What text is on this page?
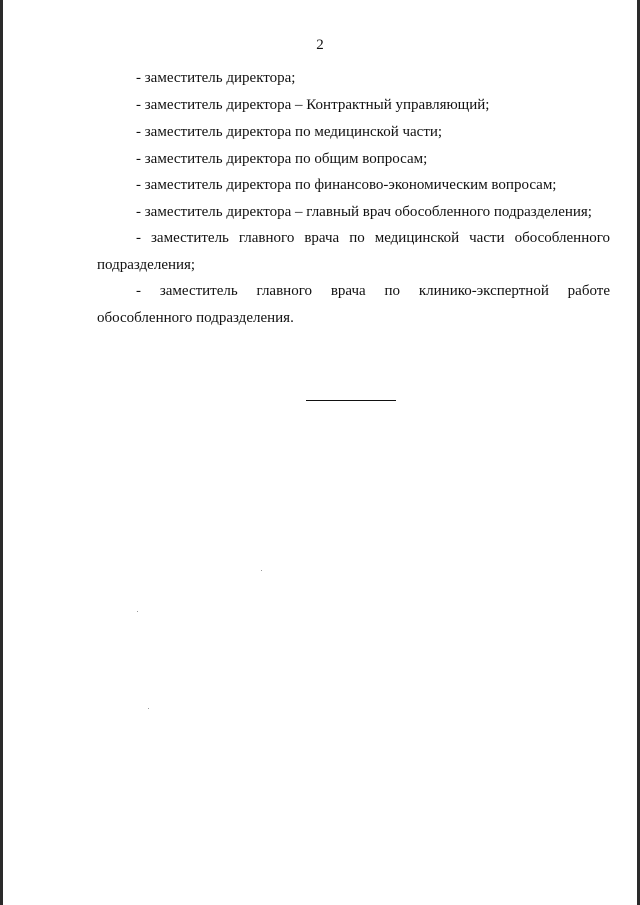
2
- заместитель директора;
- заместитель директора – Контрактный управляющий;
- заместитель директора по медицинской части;
- заместитель директора по общим вопросам;
- заместитель директора по финансово-экономическим вопросам;
- заместитель директора – главный врач обособленного подразделения;
- заместитель главного врача по медицинской части обособленного
подразделения;
- заместитель главного врача по клинико-экспертной работе
обособленного подразделения.
